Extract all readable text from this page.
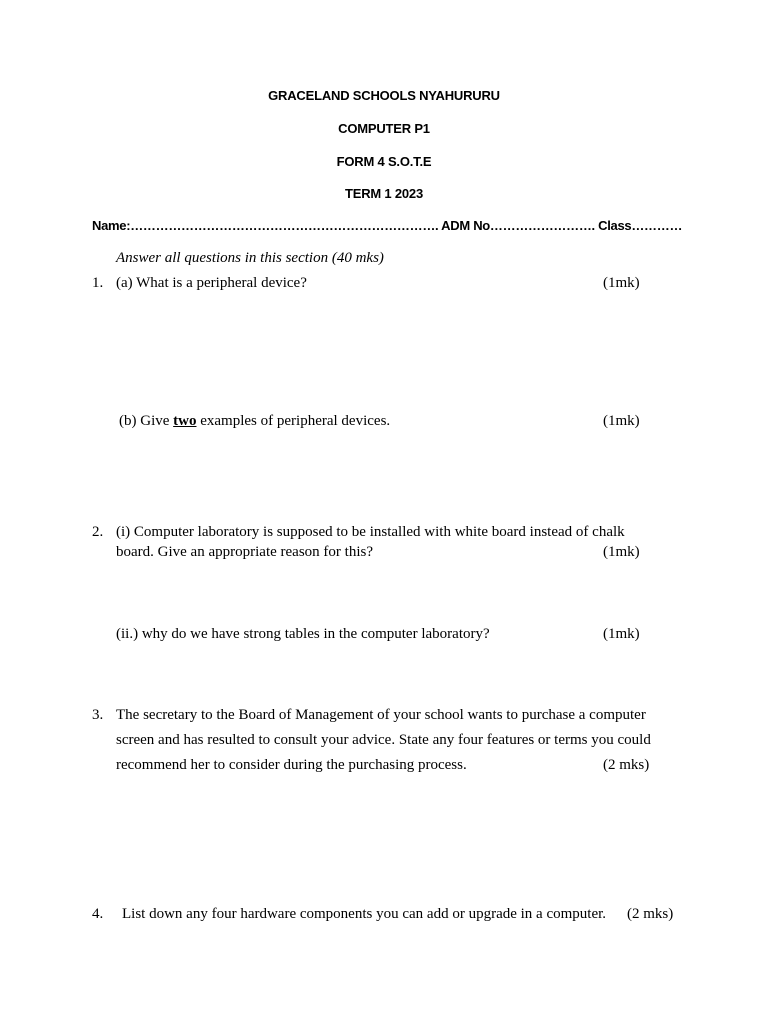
GRACELAND SCHOOLS NYAHURURU
COMPUTER P1
FORM 4 S.O.T.E
TERM 1 2023
Name:………………………………………………………………. ADM No……………………. Class…………
Answer all questions in this section (40 mks)
1. (a) What is a peripheral device?	(1mk)
(b) Give two examples of peripheral devices.	(1mk)
2. (i) Computer laboratory is supposed to be installed with white board instead of chalk
board. Give an appropriate reason for this?	(1mk)
(ii.) why do we have strong tables in the computer laboratory?	(1mk)
3. The secretary to the Board of Management of your school wants to purchase a computer
screen and has resulted to consult your advice. State any four features or terms you could
recommend her to consider during the purchasing process.	(2 mks)
4. List down any four hardware components you can add or upgrade in a computer. (2 mks)
